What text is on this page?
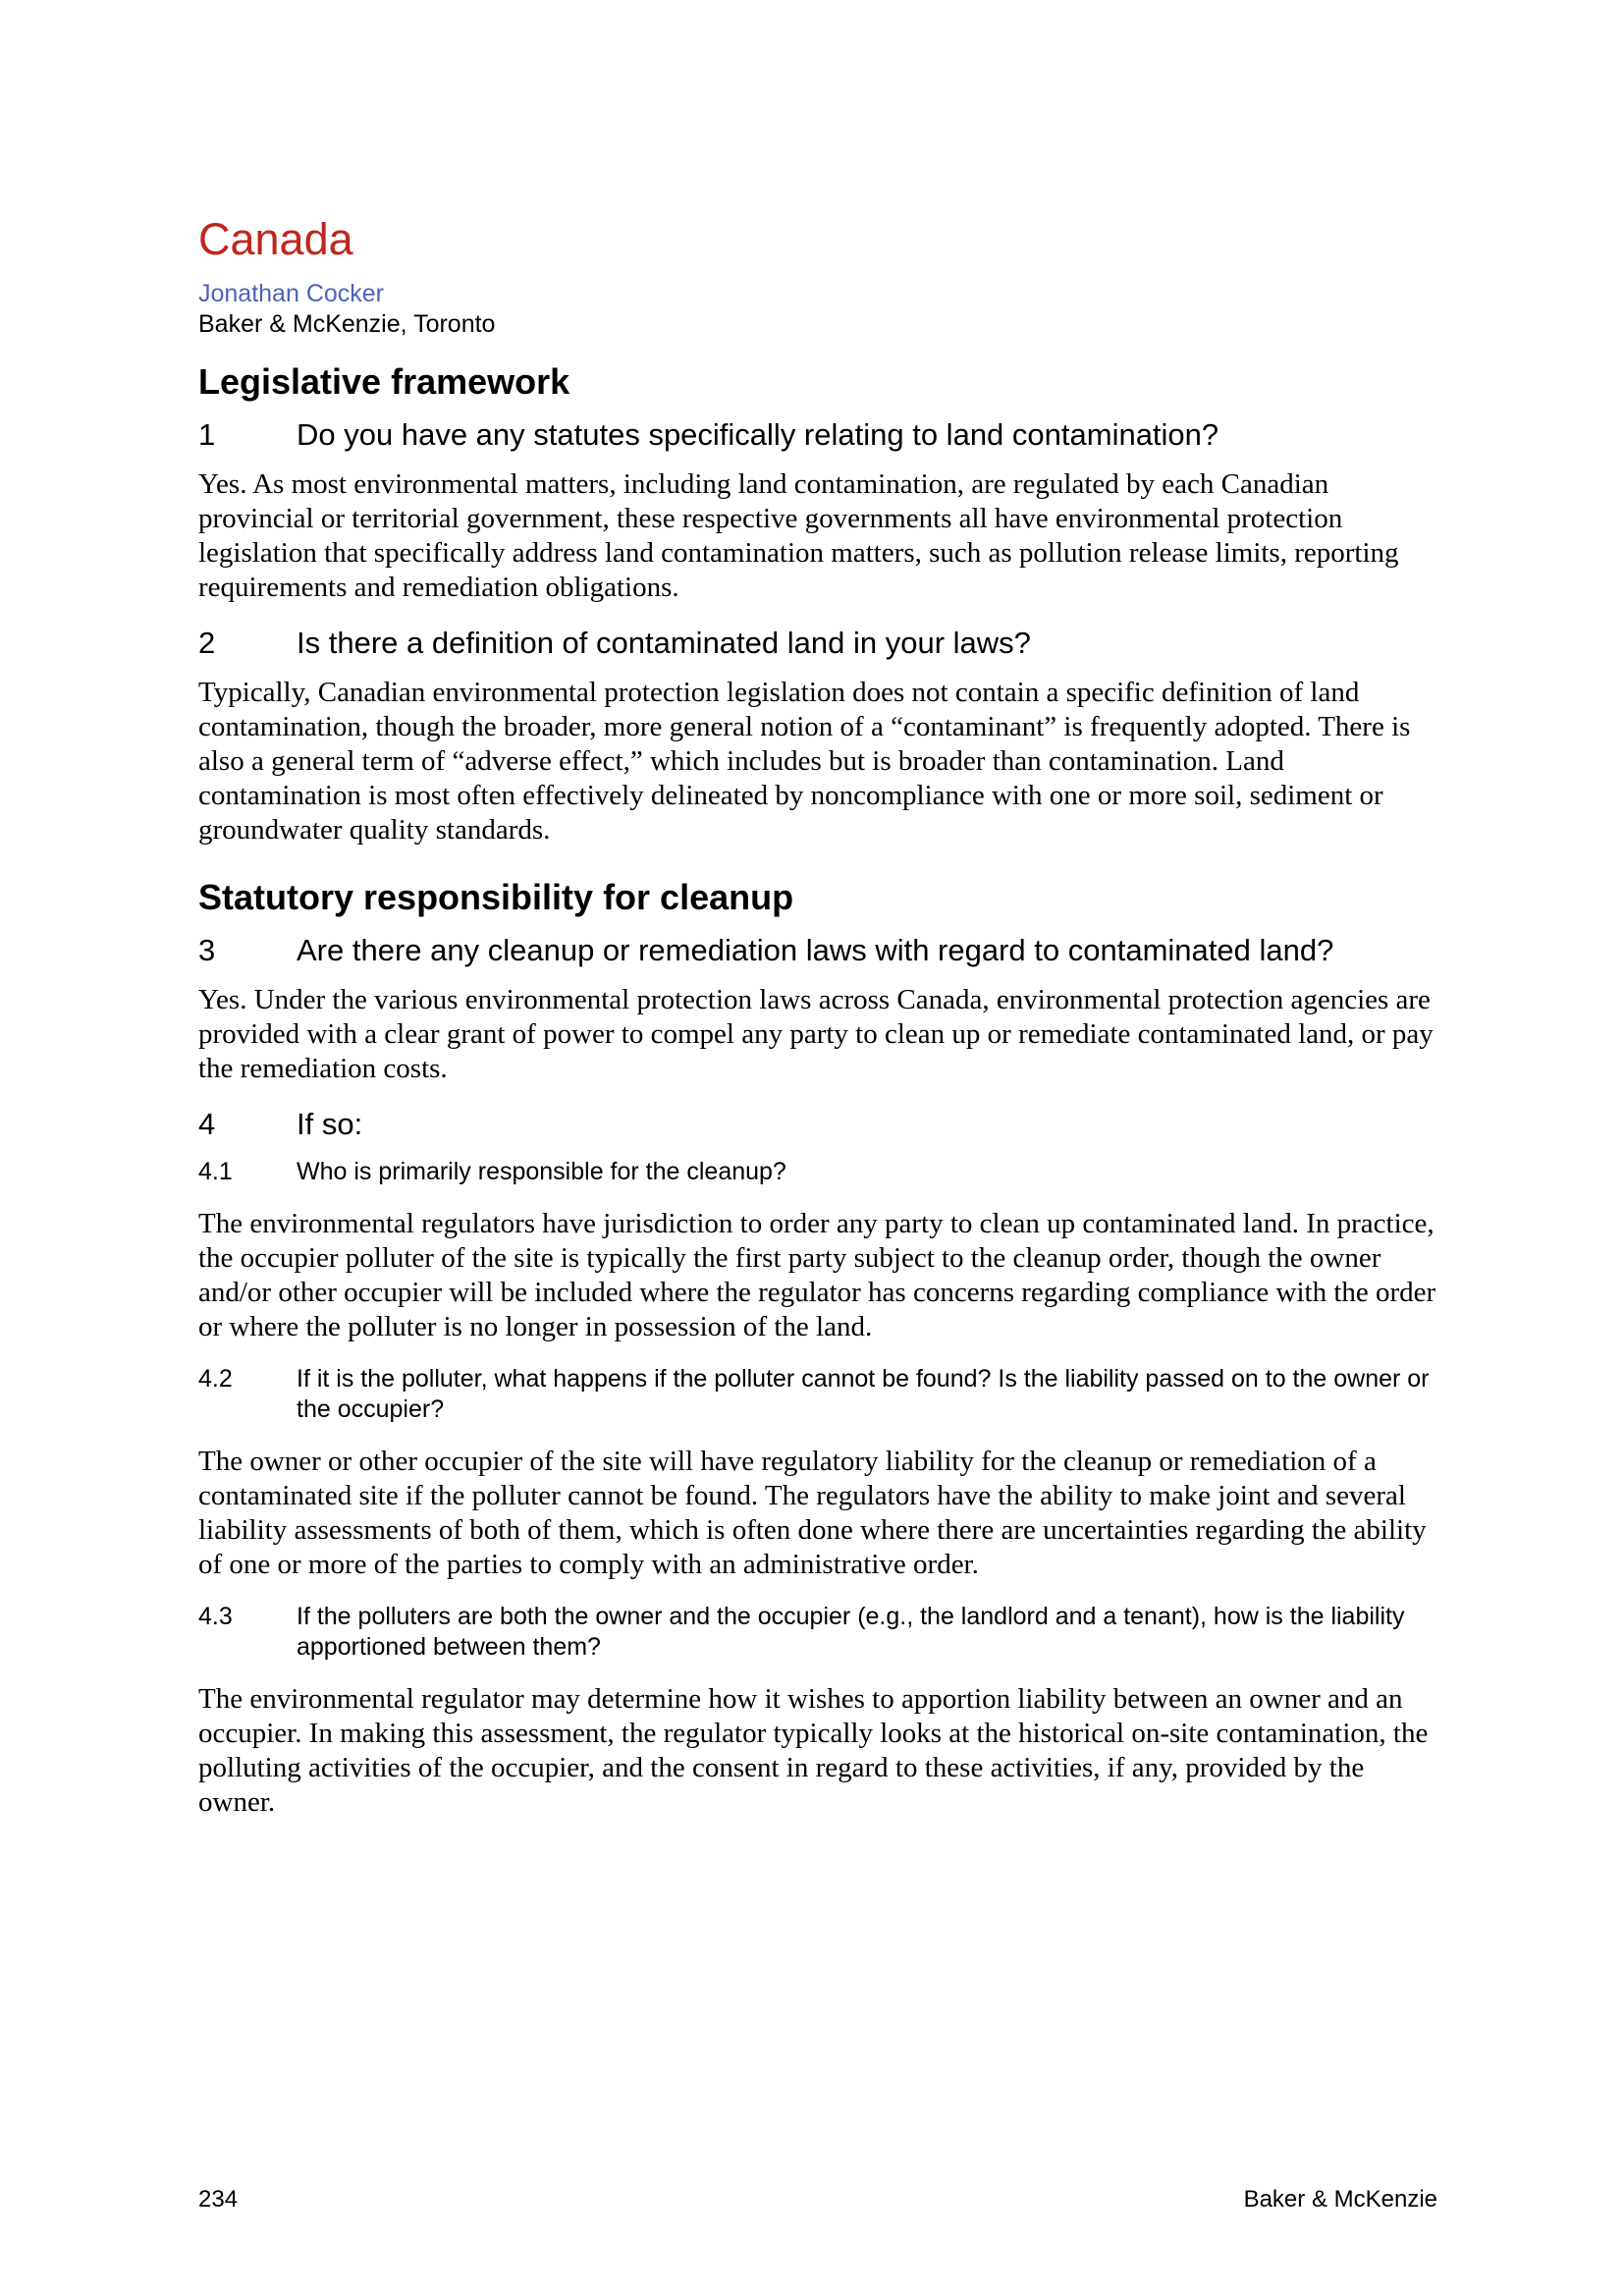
Canada
Jonathan Cocker
Baker & McKenzie, Toronto
Legislative framework
1	Do you have any statutes specifically relating to land contamination?

Yes. As most environmental matters, including land contamination, are regulated by each Canadian provincial or territorial government, these respective governments all have environmental protection legislation that specifically address land contamination matters, such as pollution release limits, reporting requirements and remediation obligations.

2	Is there a definition of contaminated land in your laws?

Typically, Canadian environmental protection legislation does not contain a specific definition of land contamination, though the broader, more general notion of a “contaminant” is frequently adopted. There is also a general term of “adverse effect,” which includes but is broader than contamination. Land contamination is most often effectively delineated by noncompliance with one or more soil, sediment or groundwater quality standards.

Statutory responsibility for cleanup
3	Are there any cleanup or remediation laws with regard to contaminated land?

Yes. Under the various environmental protection laws across Canada, environmental protection agencies are provided with a clear grant of power to compel any party to clean up or remediate contaminated land, or pay the remediation costs.

4	If so:
4.1	Who is primarily responsible for the cleanup?

The environmental regulators have jurisdiction to order any party to clean up contaminated land. In practice, the occupier polluter of the site is typically the first party subject to the cleanup order, though the owner and/or other occupier will be included where the regulator has concerns regarding compliance with the order or where the polluter is no longer in possession of the land.

4.2	If it is the polluter, what happens if the polluter cannot be found? Is the liability passed on to the owner or the occupier?

The owner or other occupier of the site will have regulatory liability for the cleanup or remediation of a contaminated site if the polluter cannot be found. The regulators have the ability to make joint and several liability assessments of both of them, which is often done where there are uncertainties regarding the ability of one or more of the parties to comply with an administrative order.

4.3	If the polluters are both the owner and the occupier (e.g., the landlord and a tenant), how is the liability apportioned between them?

The environmental regulator may determine how it wishes to apportion liability between an owner and an occupier. In making this assessment, the regulator typically looks at the historical on-site contamination, the polluting activities of the occupier, and the consent in regard to these activities, if any, provided by the owner.

234	Baker & McKenzie
